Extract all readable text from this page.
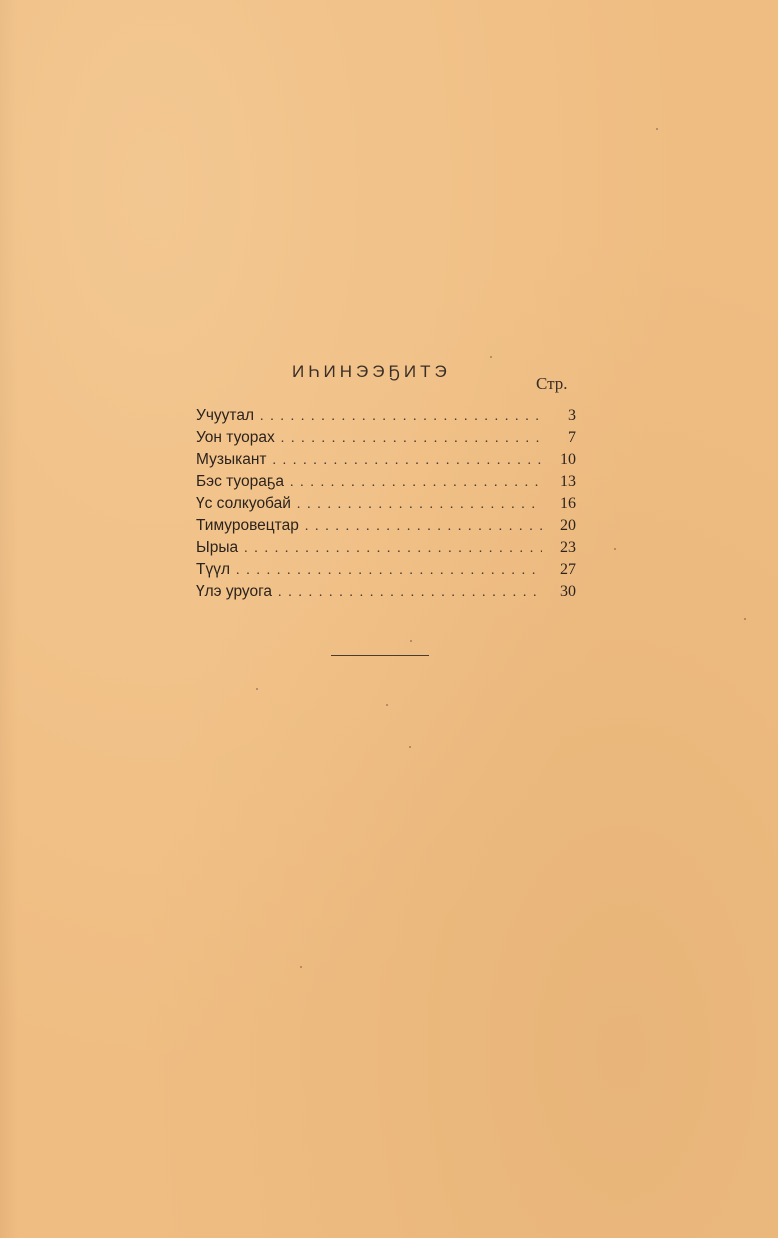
ИҺИНЭЭҔИТЭ
Стр.
Учуутал . . .	3
Уон туорах . . .	7
Музыкант . . .	10
Бэс туораҕа . . .	13
Үс солкуобай . . .	16
Тимуровецтар . . .	20
Ырыа . . .	23
Түүл . . .	27
Үлэ уруога . . .	30
